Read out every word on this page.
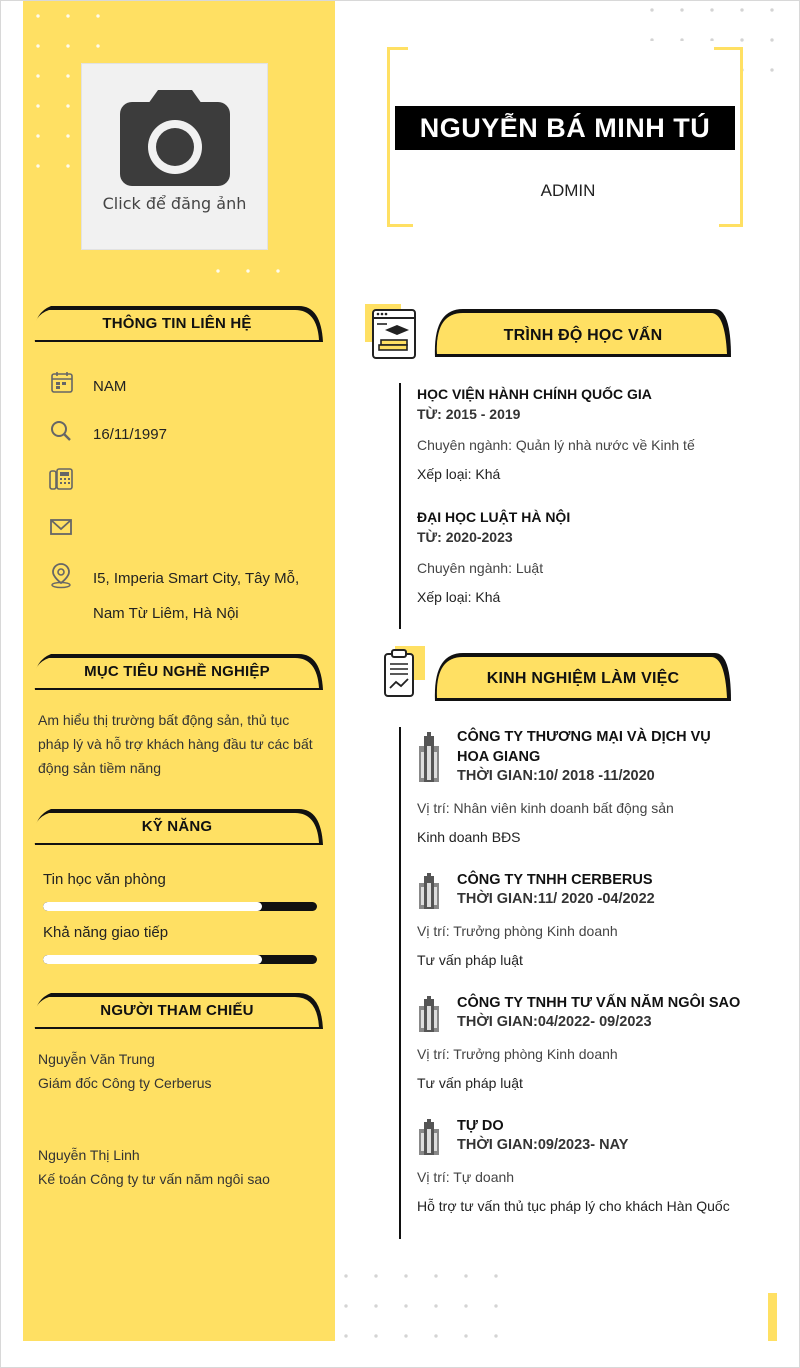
Click để đăng ảnh
THÔNG TIN LIÊN HỆ
NAM
16/11/1997
I5, Imperia Smart City, Tây Mỗ,
Nam Từ Liêm, Hà Nội
MỤC TIÊU NGHỀ NGHIỆP
Am hiểu thị trường bất động sản, thủ tục
pháp lý và hỗ trợ khách hàng đầu tư các bất
động sản tiềm năng
KỸ NĂNG
Tin học văn phòng
Khả năng giao tiếp
NGƯỜI THAM CHIẾU
Nguyễn Văn Trung
Giám đốc Công ty Cerberus
Nguyễn Thị Linh
Kế toán Công ty tư vấn năm ngôi sao
NGUYỄN BÁ MINH TÚ
ADMIN
TRÌNH ĐỘ HỌC VẤN
HỌC VIỆN HÀNH CHÍNH QUỐC GIA
TỪ: 2015 - 2019
Chuyên ngành: Quản lý nhà nước về Kinh tế
Xếp loại: Khá
ĐẠI HỌC LUẬT HÀ NỘI
TỪ: 2020-2023
Chuyên ngành: Luật
Xếp loại: Khá
KINH NGHIỆM LÀM VIỆC
CÔNG TY THƯƠNG MẠI VÀ DỊCH VỤ
HOA GIANG
THỜI GIAN:10/ 2018 -11/2020
Vị trí: Nhân viên kinh doanh bất động sản
Kinh doanh BĐS
CÔNG TY TNHH CERBERUS
THỜI GIAN:11/ 2020 -04/2022
Vị trí: Trưởng phòng Kinh doanh
Tư vấn pháp luật
CÔNG TY TNHH TƯ VẤN NĂM NGÔI SAO
THỜI GIAN:04/2022- 09/2023
Vị trí: Trưởng phòng Kinh doanh
Tư vấn pháp luật
TỰ DO
THỜI GIAN:09/2023- NAY
Vị trí: Tự doanh
Hỗ trợ tư vấn thủ tục pháp lý cho khách Hàn Quốc
